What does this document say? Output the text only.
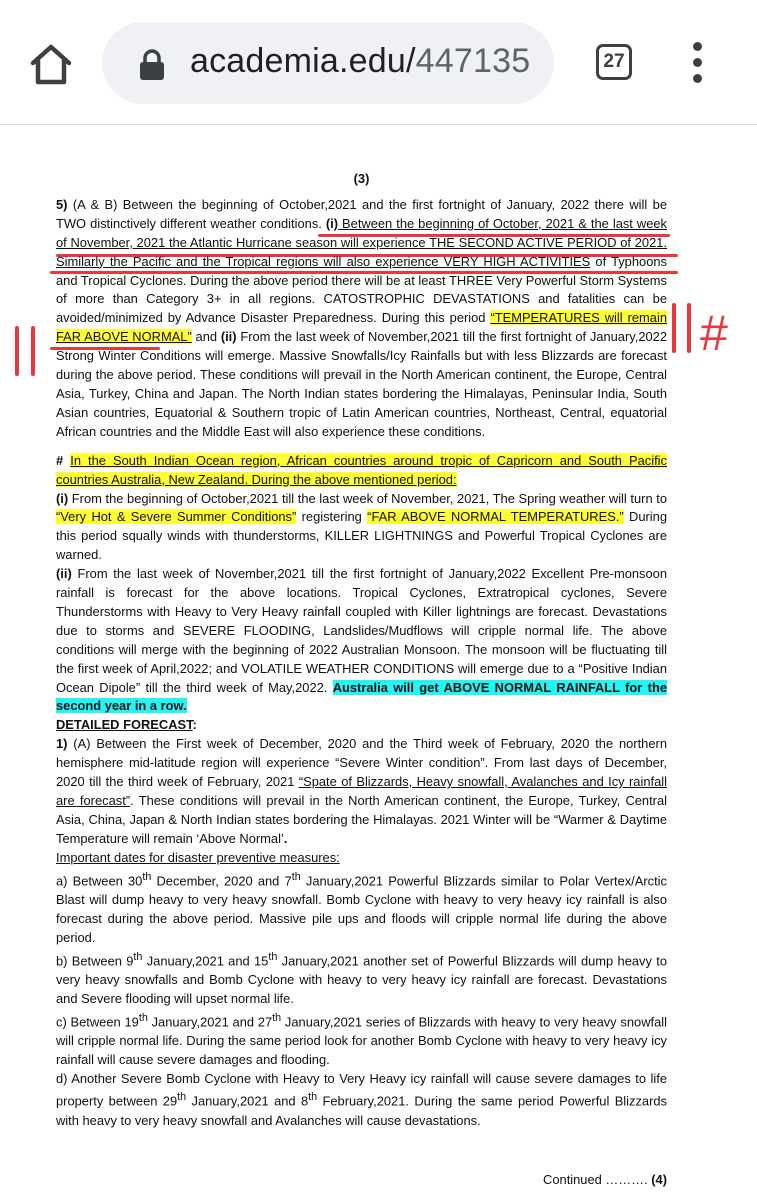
academia.edu/447135	27
#

(3)

5) (A & B) Between the beginning of October,2021 and the first fortnight of January, 2022 there will be TWO distinctively different weather conditions. (i) Between the beginning of October, 2021 & the last week of November, 2021 the Atlantic Hurricane season will experience THE SECOND ACTIVE PERIOD of 2021. Similarly the Pacific and the Tropical regions will also experience VERY HIGH ACTIVITIES of Typhoons and Tropical Cyclones. During the above period there will be at least THREE Very Powerful Storm Systems of more than Category 3+ in all regions. CATOSTROPHIC DEVASTATIONS and fatalities can be avoided/minimized by Advance Disaster Preparedness. During this period “TEMPERATURES will remain FAR ABOVE NORMAL” and (ii) From the last week of November,2021 till the first fortnight of January,2022 Strong Winter Conditions will emerge. Massive Snowfalls/Icy Rainfalls but with less Blizzards are forecast during the above period. These conditions will prevail in the North American continent, the Europe, Central Asia, Turkey, China and Japan. The North Indian states bordering the Himalayas, Peninsular India, South Asian countries, Equatorial & Southern tropic of Latin American countries, Northeast, Central, equatorial African countries and the Middle East will also experience these conditions.

# In the South Indian Ocean region, African countries around tropic of Capricorn and South Pacific countries Australia, New Zealand. During the above mentioned period:

(i) From the beginning of October,2021 till the last week of November, 2021, The Spring weather will turn to “Very Hot & Severe Summer Conditions” registering “FAR ABOVE NORMAL TEMPERATURES.” During this period squally winds with thunderstorms, KILLER LIGHTNINGS and Powerful Tropical Cyclones are warned.

(ii) From the last week of November,2021 till the first fortnight of January,2022 Excellent Pre-monsoon rainfall is forecast for the above locations. Tropical Cyclones, Extratropical cyclones, Severe Thunderstorms with Heavy to Very Heavy rainfall coupled with Killer lightnings are forecast. Devastations due to storms and SEVERE FLOODING, Landslides/Mudflows will cripple normal life. The above conditions will merge with the beginning of 2022 Australian Monsoon. The monsoon will be fluctuating till the first week of April,2022; and VOLATILE WEATHER CONDITIONS will emerge due to a “Positive Indian Ocean Dipole” till the third week of May,2022. Australia will get ABOVE NORMAL RAINFALL for the second year in a row.

DETAILED FORECAST:

1) (A) Between the First week of December, 2020 and the Third week of February, 2020 the northern hemisphere mid-latitude region will experience “Severe Winter condition”. From last days of December, 2020 till the third week of February, 2021 “Spate of Blizzards, Heavy snowfall, Avalanches and Icy rainfall are forecast”. These conditions will prevail in the North American continent, the Europe, Turkey, Central Asia, China, Japan & North Indian states bordering the Himalayas. 2021 Winter will be “Warmer & Daytime Temperature will remain ‘Above Normal’.

Important dates for disaster preventive measures:

a) Between 30th December, 2020 and 7th January,2021 Powerful Blizzards similar to Polar Vertex/Arctic Blast will dump heavy to very heavy snowfall. Bomb Cyclone with heavy to very heavy icy rainfall is also forecast during the above period. Massive pile ups and floods will cripple normal life during the above period.

b) Between 9th January,2021 and 15th January,2021 another set of Powerful Blizzards will dump heavy to very heavy snowfalls and Bomb Cyclone with heavy to very heavy icy rainfall are forecast. Devastations and Severe flooding will upset normal life.

c) Between 19th January,2021 and 27th January,2021 series of Blizzards with heavy to very heavy snowfall will cripple normal life. During the same period look for another Bomb Cyclone with heavy to very heavy icy rainfall will cause severe damages and flooding.

d) Another Severe Bomb Cyclone with Heavy to Very Heavy icy rainfall will cause severe damages to life property between 29th January,2021 and 8th February,2021. During the same period Powerful Blizzards with heavy to very heavy snowfall and Avalanches will cause devastations.

Continued ………. (4)
